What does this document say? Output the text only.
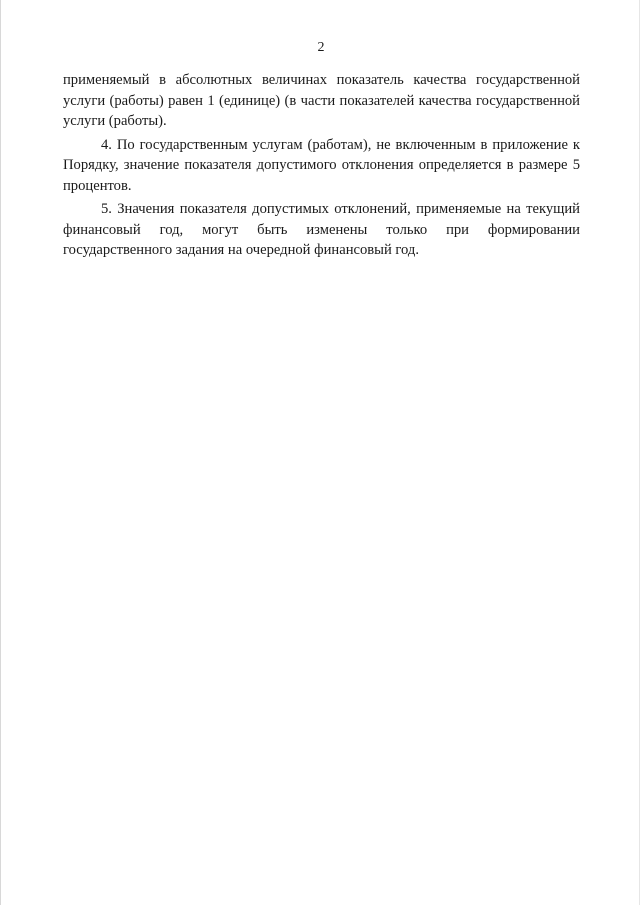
2

применяемый в абсолютных величинах показатель качества государственной услуги (работы) равен 1 (единице) (в части показателей качества государственной услуги (работы).

4. По государственным услугам (работам), не включенным в приложение к Порядку, значение показателя допустимого отклонения определяется в размере 5 процентов.

5. Значения показателя допустимых отклонений, применяемые на текущий финансовый год, могут быть изменены только при формировании государственного задания на очередной финансовый год.
